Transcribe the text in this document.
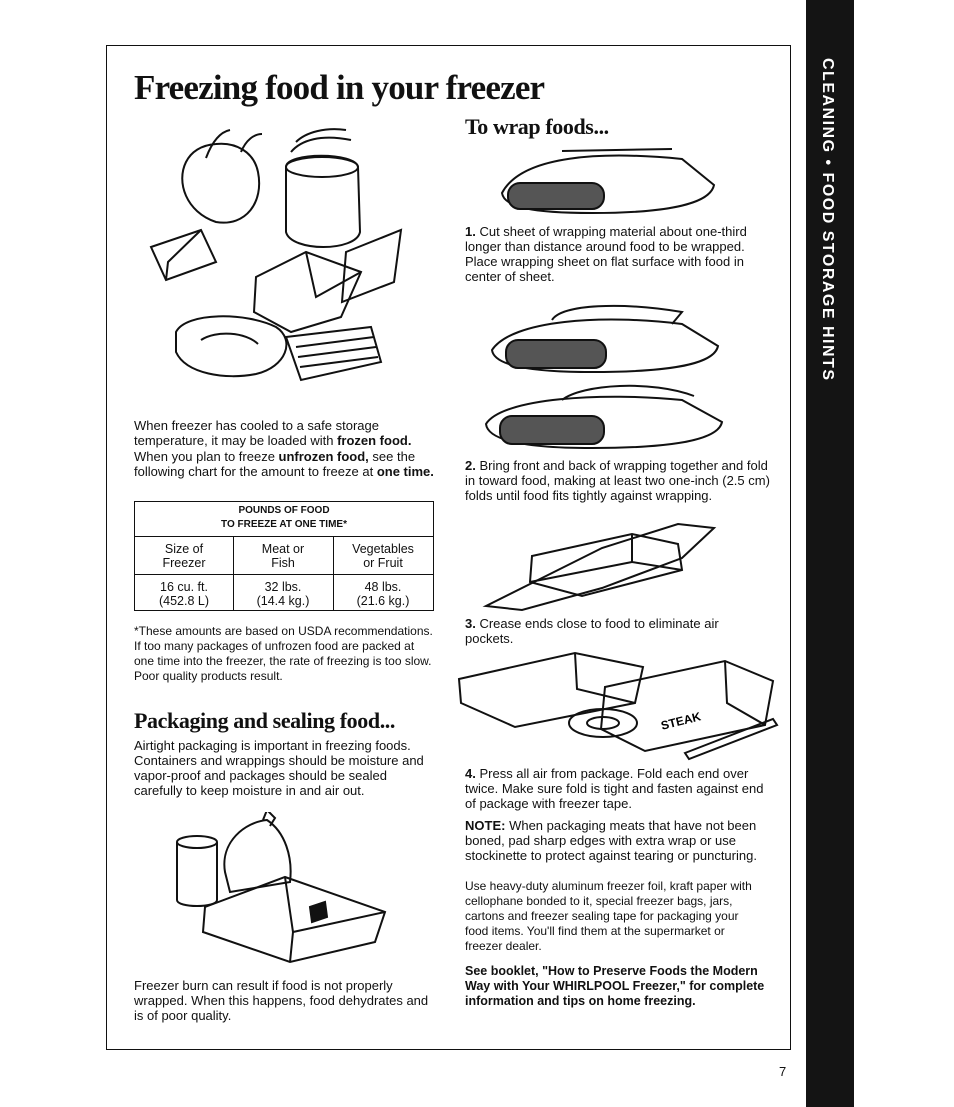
CLEANING • FOOD STORAGE HINTS
Freezing food in your freezer

When freezer has cooled to a safe storage temperature, it may be loaded with frozen food.

When you plan to freeze unfrozen food, see the following chart for the amount to freeze at one time.

POUNDS OF FOOD
TO FREEZE AT ONE TIME*
Size of
Freezer
Meat or
Fish
Vegetables
or Fruit
16 cu. ft.
(452.8 L)
32 lbs.
(14.4 kg.)
48 lbs.
(21.6 kg.)

*These amounts are based on USDA recommendations. If too many packages of unfrozen food are packed at one time into the freezer, the rate of freezing is too slow. Poor quality products result.

Packaging and sealing food...

Airtight packaging is important in freezing foods. Containers and wrappings should be moisture and vapor-proof and packages should be sealed carefully to keep moisture in and air out.

Freezer burn can result if food is not properly wrapped. When this happens, food dehydrates and is of poor quality.

To wrap foods...

1. Cut sheet of wrapping material about one-third longer than distance around food to be wrapped. Place wrapping sheet on flat surface with food in center of sheet.

2. Bring front and back of wrapping together and fold in toward food, making at least two one-inch (2.5 cm) folds until food fits tightly against wrapping.

3. Crease ends close to food to eliminate air pockets.

STEAK

4. Press all air from package. Fold each end over twice. Make sure fold is tight and fasten against end of package with freezer tape.

NOTE: When packaging meats that have not been boned, pad sharp edges with extra wrap or use stockinette to protect against tearing or puncturing.

Use heavy-duty aluminum freezer foil, kraft paper with cellophane bonded to it, special freezer bags, jars, cartons and freezer sealing tape for packaging your food items. You'll find them at the supermarket or freezer dealer.

See booklet, "How to Preserve Foods the Modern Way with Your WHIRLPOOL Freezer," for complete information and tips on home freezing.

7
